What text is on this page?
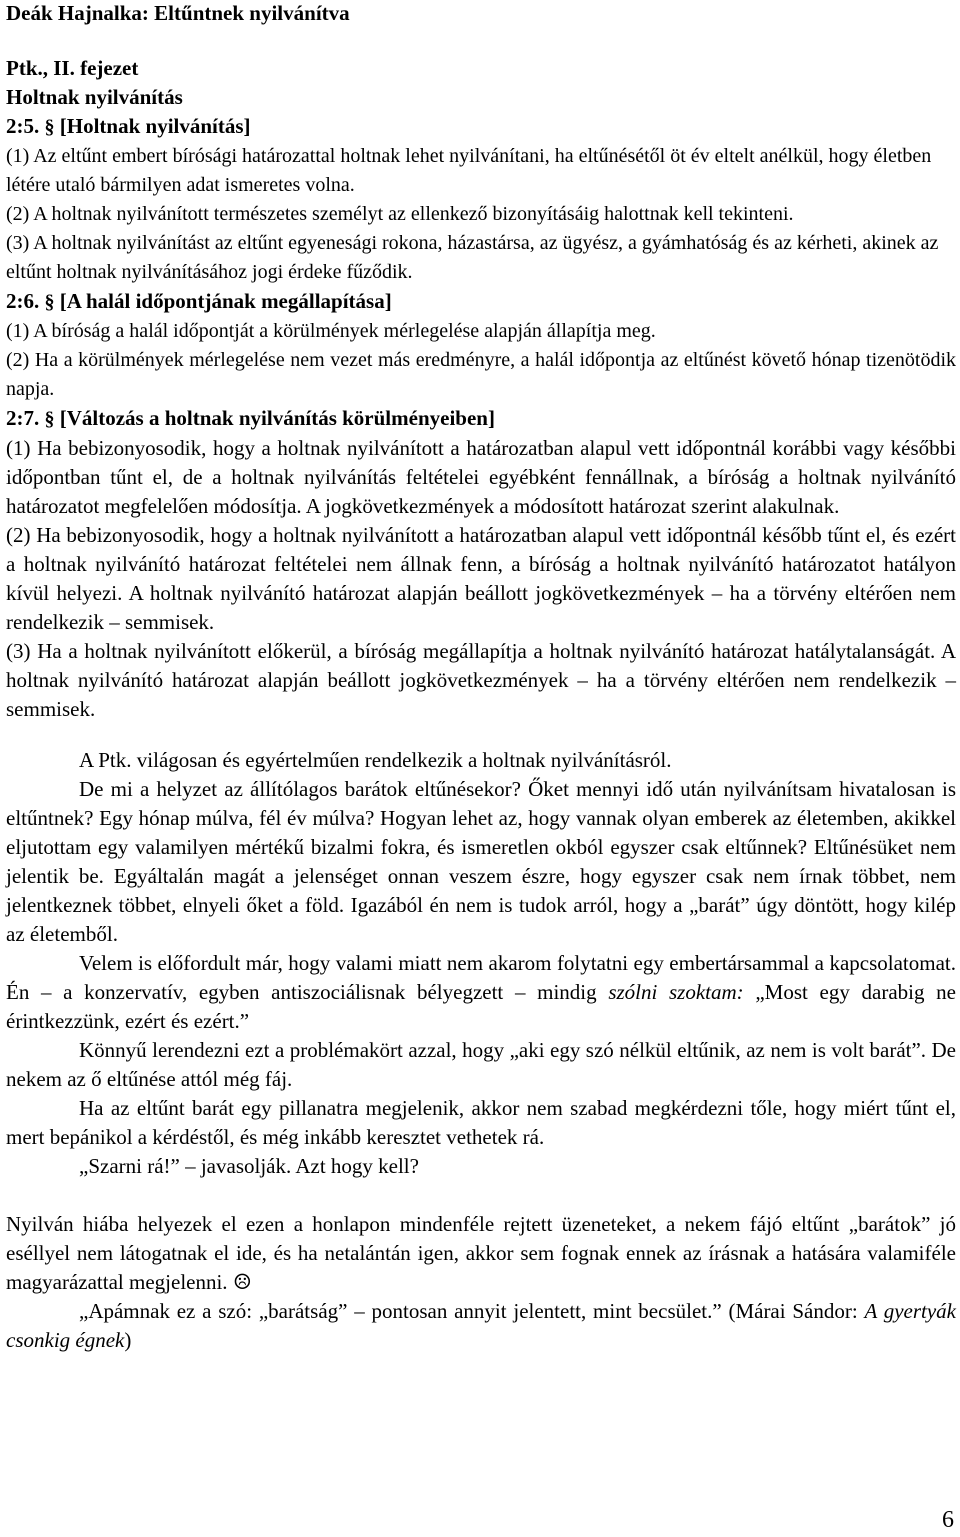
Deák Hajnalka: Eltűntnek nyilvánítva

Ptk., II. fejezet
Holtnak nyilvánítás
2:5. § [Holtnak nyilvánítás]

(1) Az eltűnt embert bírósági határozattal holtnak lehet nyilvánítani, ha eltűnésétől öt év eltelt anélkül, hogy életben létére utaló bármilyen adat ismeretes volna.

(2) A holtnak nyilvánított természetes személyt az ellenkező bizonyításáig halottnak kell tekinteni.

(3) A holtnak nyilvánítást az eltűnt egyenesági rokona, házastársa, az ügyész, a gyámhatóság és az kérheti, akinek az eltűnt holtnak nyilvánításához jogi érdeke fűződik.

2:6. § [A halál időpontjának megállapítása]

(1) A bíróság a halál időpontját a körülmények mérlegelése alapján állapítja meg.

(2) Ha a körülmények mérlegelése nem vezet más eredményre, a halál időpontja az eltűnést követő hónap tizenötödik napja.

2:7. § [Változás a holtnak nyilvánítás körülményeiben]

(1) Ha bebizonyosodik, hogy a holtnak nyilvánított a határozatban alapul vett időpontnál korábbi vagy későbbi időpontban tűnt el, de a holtnak nyilvánítás feltételei egyébként fennállnak, a bíróság a holtnak nyilvánító határozatot megfelelően módosítja. A jogkövetkezmények a módosított határozat szerint alakulnak.

(2) Ha bebizonyosodik, hogy a holtnak nyilvánított a határozatban alapul vett időpontnál később tűnt el, és ezért a holtnak nyilvánító határozat feltételei nem állnak fenn, a bíróság a holtnak nyilvánító határozatot hatályon kívül helyezi. A holtnak nyilvánító határozat alapján beállott jogkövetkezmények – ha a törvény eltérően nem rendelkezik – semmisek.

(3) Ha a holtnak nyilvánított előkerül, a bíróság megállapítja a holtnak nyilvánító határozat hatálytalanságát. A holtnak nyilvánító határozat alapján beállott jogkövetkezmények – ha a törvény eltérően nem rendelkezik – semmisek.

A Ptk. világosan és egyértelműen rendelkezik a holtnak nyilvánításról.

De mi a helyzet az állítólagos barátok eltűnésekor? Őket mennyi idő után nyilvánítsam hivatalosan is eltűntnek? Egy hónap múlva, fél év múlva? Hogyan lehet az, hogy vannak olyan emberek az életemben, akikkel eljutottam egy valamilyen mértékű bizalmi fokra, és ismeretlen okból egyszer csak eltűnnek? Eltűnésüket nem jelentik be. Egyáltalán magát a jelenséget onnan veszem észre, hogy egyszer csak nem írnak többet, nem jelentkeznek többet, elnyeli őket a föld. Igazából én nem is tudok arról, hogy a „barát” úgy döntött, hogy kilép az életemből.

Velem is előfordult már, hogy valami miatt nem akarom folytatni egy embertársammal a kapcsolatomat. Én – a konzervatív, egyben antiszociálisnak bélyegzett – mindig szólni szoktam: „Most egy darabig ne érintkezzünk, ezért és ezért.”

Könnyű lerendezni ezt a problémakört azzal, hogy „aki egy szó nélkül eltűnik, az nem is volt barát”. De nekem az ő eltűnése attól még fáj.

Ha az eltűnt barát egy pillanatra megjelenik, akkor nem szabad megkérdezni tőle, hogy miért tűnt el, mert bepánikol a kérdéstől, és még inkább keresztet vethetek rá.

„Szarni rá!” – javasolják. Azt hogy kell?

Nyilván hiába helyezek el ezen a honlapon mindenféle rejtett üzeneteket, a nekem fájó eltűnt „barátok” jó eséllyel nem látogatnak el ide, és ha netalántán igen, akkor sem fognak ennek az írásnak a hatására valamiféle magyarázattal megjelenni. ☹

„Apámnak ez a szó: „barátság” – pontosan annyit jelentett, mint becsület.” (Márai Sándor: A gyertyák csonkig égnek)

6
